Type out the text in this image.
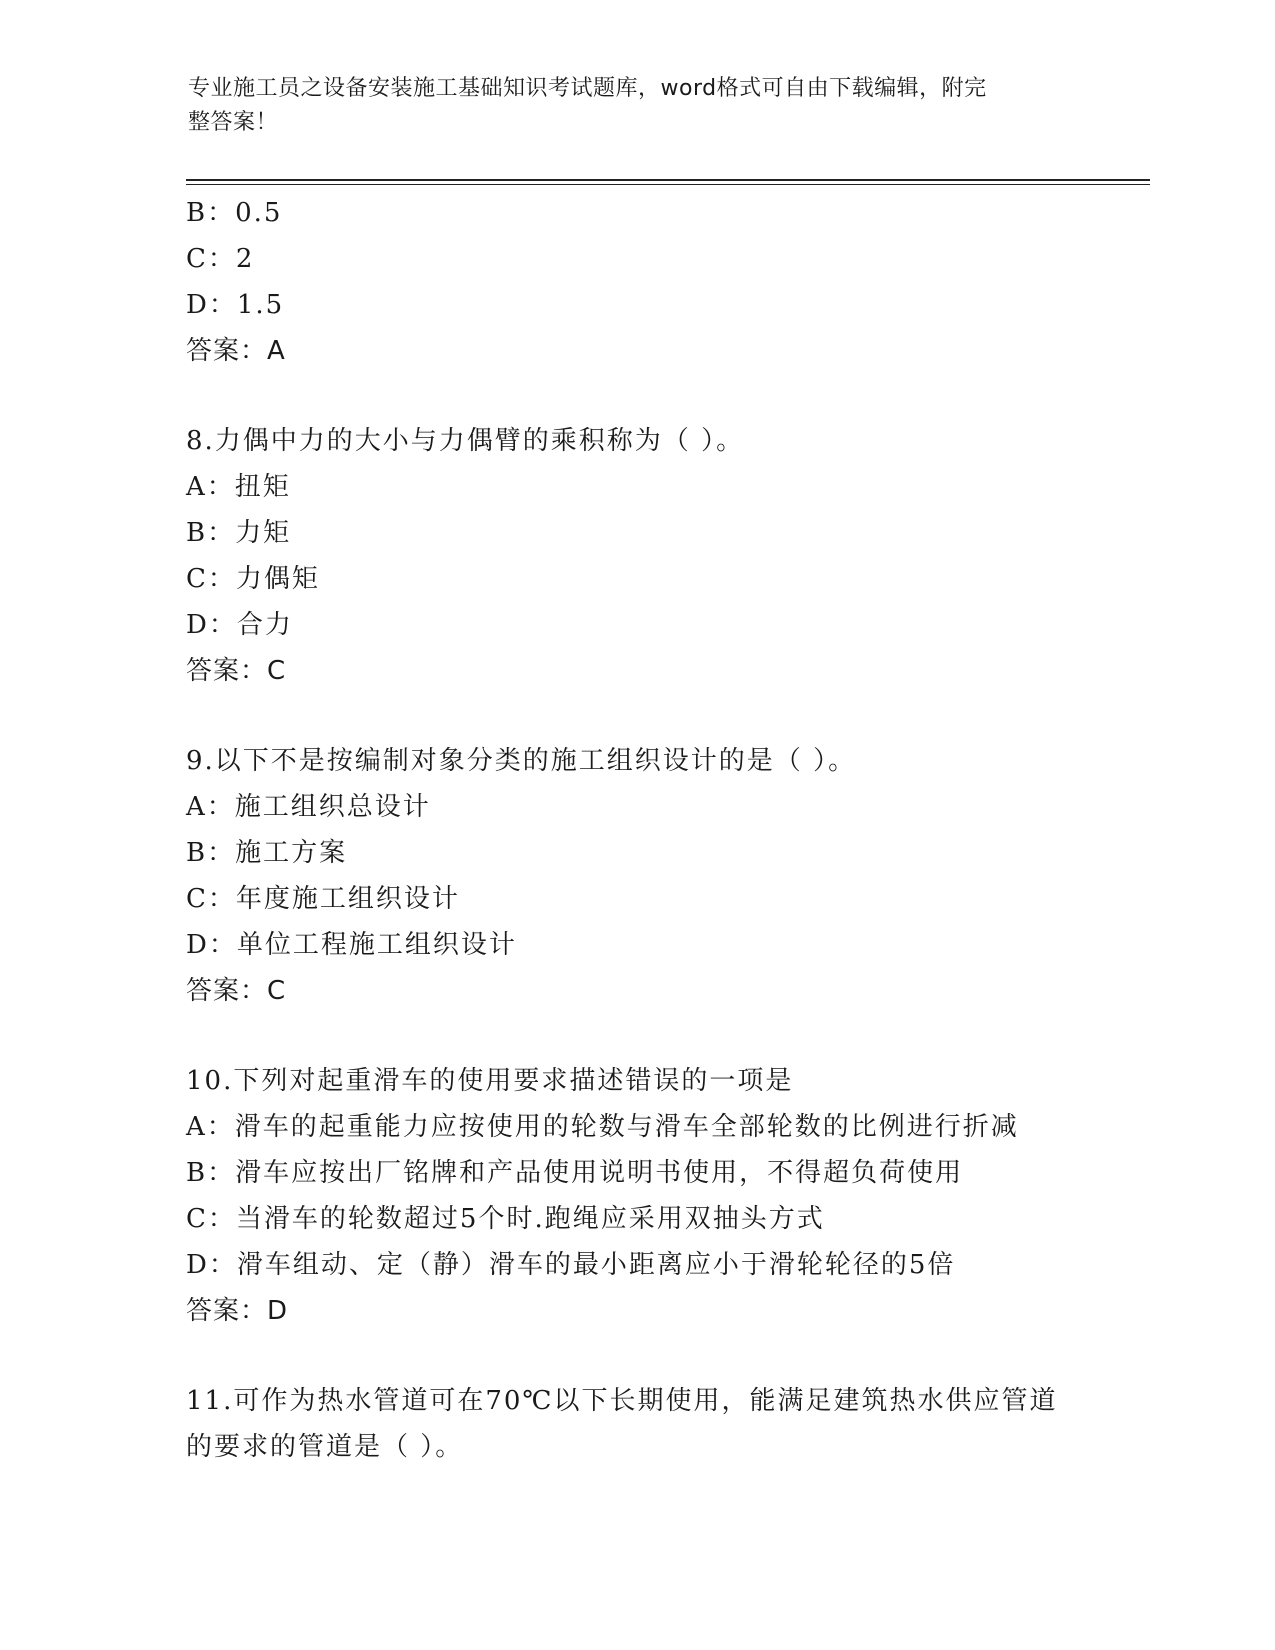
专业施工员之设备安装施工基础知识考试题库，word格式可自由下载编辑，附完
整答案！
B：0.5
C：2
D：1.5
答案：A
8.力偶中力的大小与力偶臂的乘积称为（ ）。
A：扭矩
B：力矩
C：力偶矩
D：合力
答案：C
9.以下不是按编制对象分类的施工组织设计的是（ ）。
A：施工组织总设计
B：施工方案
C：年度施工组织设计
D：单位工程施工组织设计
答案：C
10.下列对起重滑车的使用要求描述错误的一项是
A：滑车的起重能力应按使用的轮数与滑车全部轮数的比例进行折减
B：滑车应按出厂铭牌和产品使用说明书使用，不得超负荷使用
C：当滑车的轮数超过5个时.跑绳应采用双抽头方式
D：滑车组动、定（静）滑车的最小距离应小于滑轮轮径的5倍
答案：D
11.可作为热水管道可在70℃以下长期使用，能满足建筑热水供应管道
的要求的管道是（ ）。
